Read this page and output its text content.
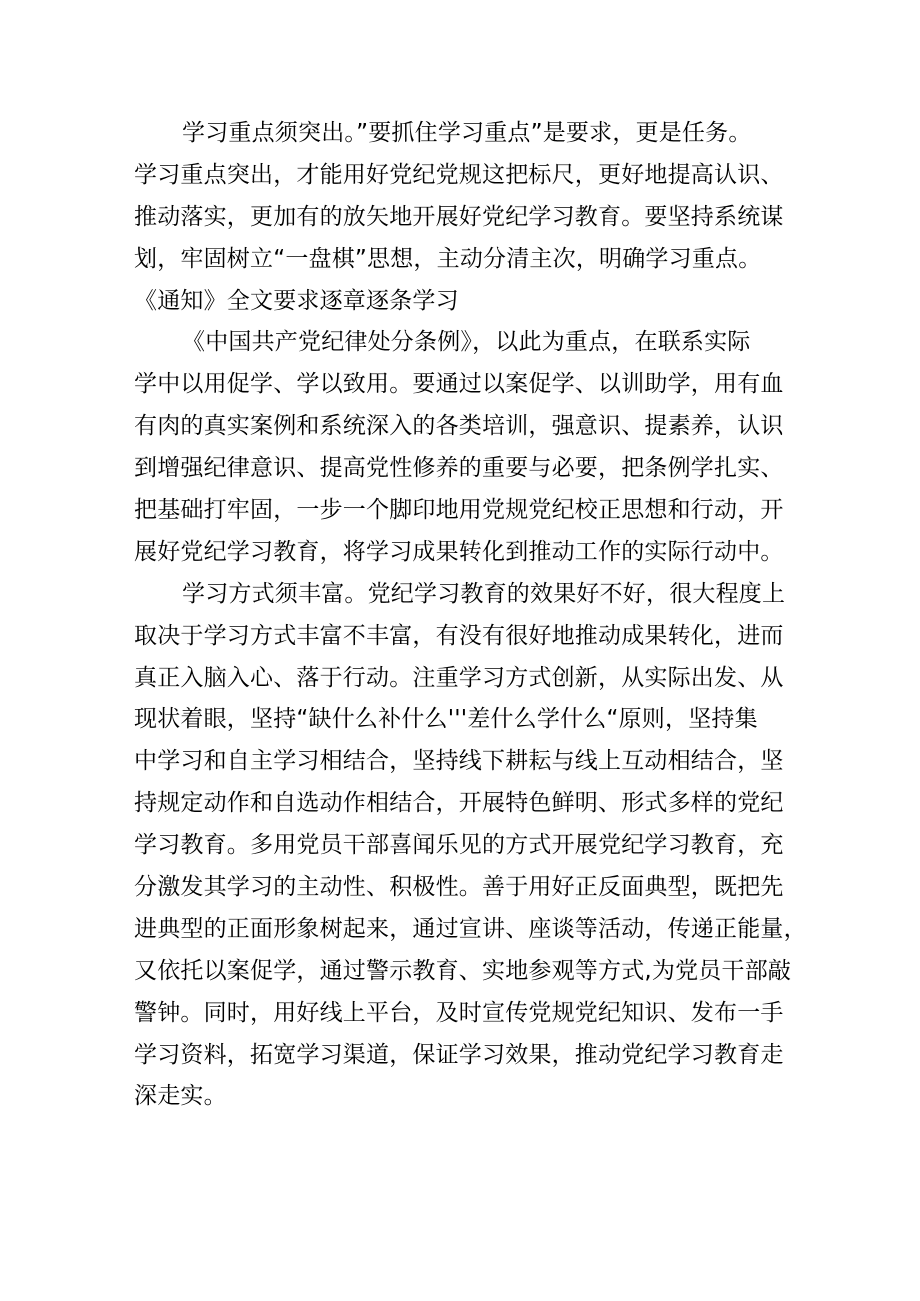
学习重点须突出。”要抓住学习重点”是要求，更是任务。
学习重点突出，才能用好党纪党规这把标尺，更好地提高认识、
推动落实，更加有的放矢地开展好党纪学习教育。要坚持系统谋
划，牢固树立“一盘棋”思想，主动分清主次，明确学习重点。
《通知》全文要求逐章逐条学习
《中国共产党纪律处分条例》，以此为重点，在联系实际
学中以用促学、学以致用。要通过以案促学、以训助学，用有血
有肉的真实案例和系统深入的各类培训，强意识、提素养，认识
到增强纪律意识、提高党性修养的重要与必要，把条例学扎实、
把基础打牢固，一步一个脚印地用党规党纪校正思想和行动，开
展好党纪学习教育，将学习成果转化到推动工作的实际行动中。
学习方式须丰富。党纪学习教育的效果好不好，很大程度上
取决于学习方式丰富不丰富，有没有很好地推动成果转化，进而
真正入脑入心、落于行动。注重学习方式创新，从实际出发、从
现状着眼，坚持“缺什么补什么'''差什么学什么“原则，坚持集
中学习和自主学习相结合，坚持线下耕耘与线上互动相结合，坚
持规定动作和自选动作相结合，开展特色鲜明、形式多样的党纪
学习教育。多用党员干部喜闻乐见的方式开展党纪学习教育，充
分激发其学习的主动性、积极性。善于用好正反面典型，既把先
进典型的正面形象树起来，通过宣讲、座谈等活动，传递正能量，
又依托以案促学，通过警示教育、实地参观等方式,为党员干部敲
警钟。同时，用好线上平台，及时宣传党规党纪知识、发布一手
学习资料，拓宽学习渠道，保证学习效果，推动党纪学习教育走
深走实。
